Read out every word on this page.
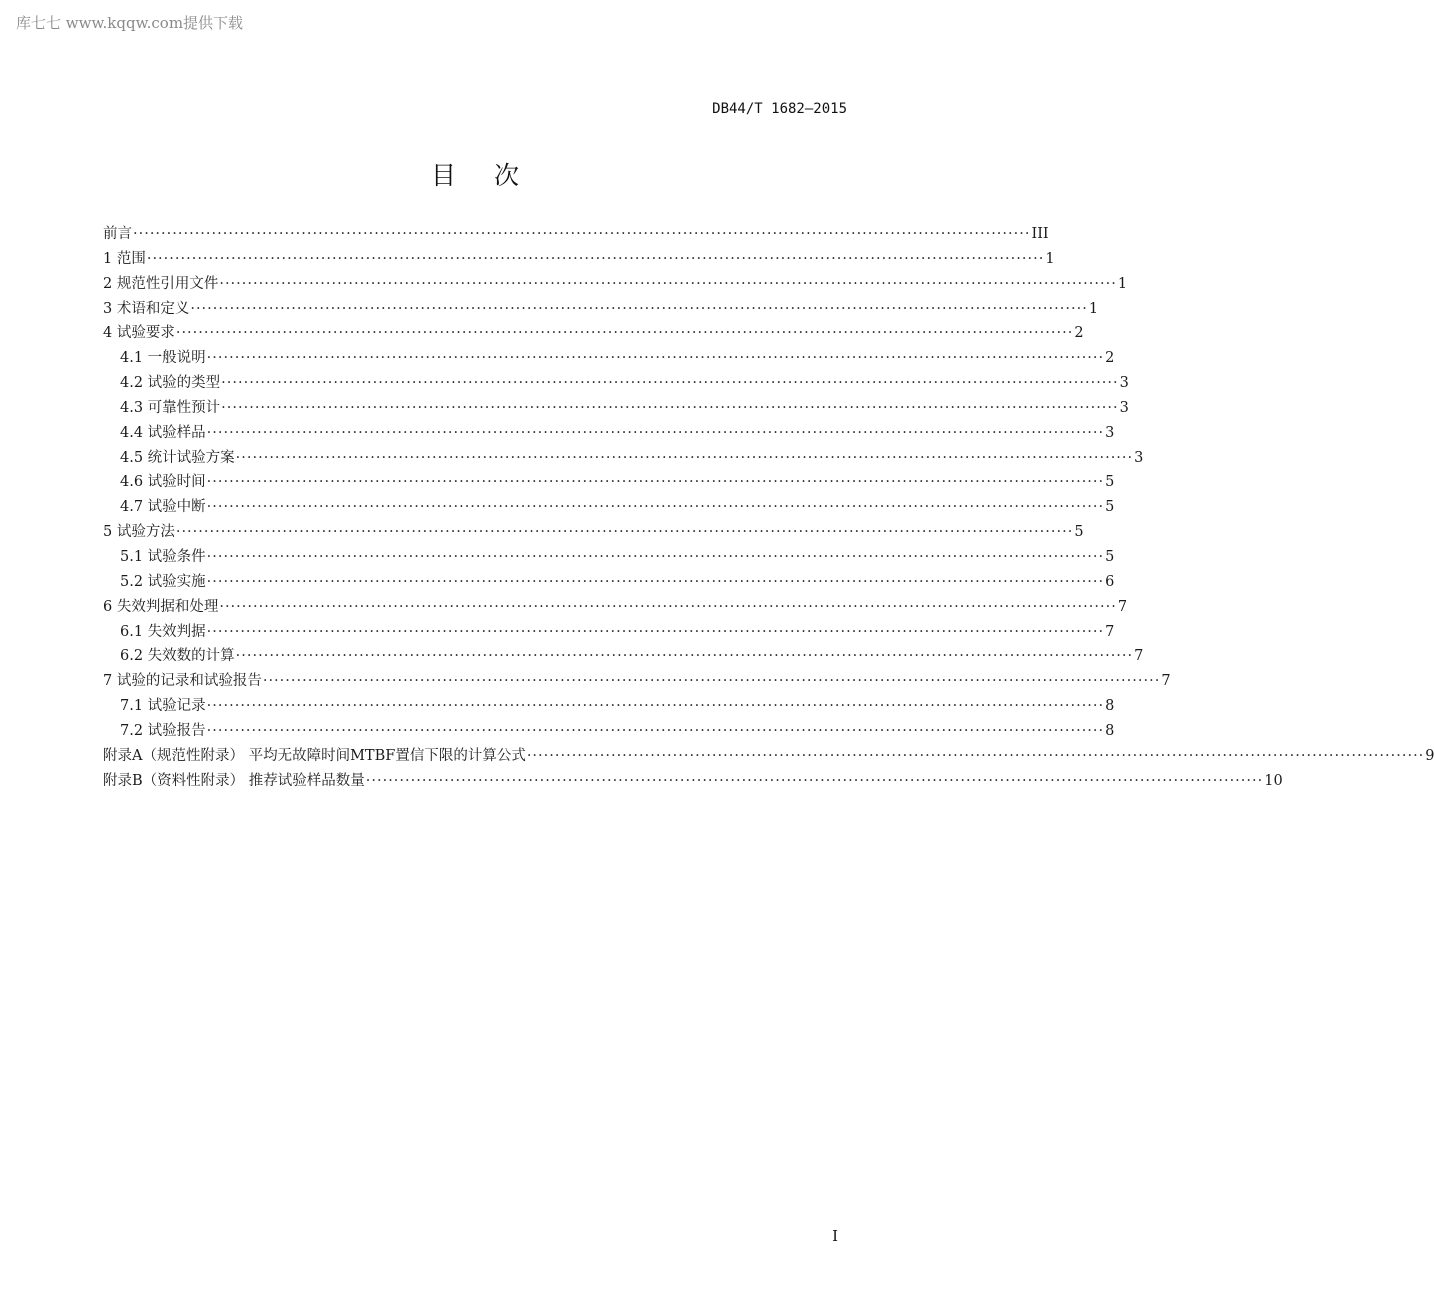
库七七 www.kqqw.com提供下载
DB44/T 1682—2015
目次
前言 ································································································································································ III
1 范围 ································································································································································ 1
2 规范性引用文件 ································································································································································ 1
3 术语和定义 ································································································································································ 1
4 试验要求 ································································································································································ 2
4.1 一般说明 ································································································································································ 2
4.2 试验的类型 ································································································································································ 3
4.3 可靠性预计 ································································································································································ 3
4.4 试验样品 ································································································································································ 3
4.5 统计试验方案 ································································································································································ 3
4.6 试验时间 ································································································································································ 5
4.7 试验中断 ································································································································································ 5
5 试验方法 ································································································································································ 5
5.1 试验条件 ································································································································································ 5
5.2 试验实施 ································································································································································ 6
6 失效判据和处理 ································································································································································ 7
6.1 失效判据 ································································································································································ 7
6.2 失效数的计算 ································································································································································ 7
7 试验的记录和试验报告 ································································································································································ 7
7.1 试验记录 ································································································································································ 8
7.2 试验报告 ································································································································································ 8
附录A（规范性附录） 平均无故障时间MTBF置信下限的计算公式 ································································································································································ 9
附录B（资料性附录） 推荐试验样品数量 ································································································································································ 10
I
